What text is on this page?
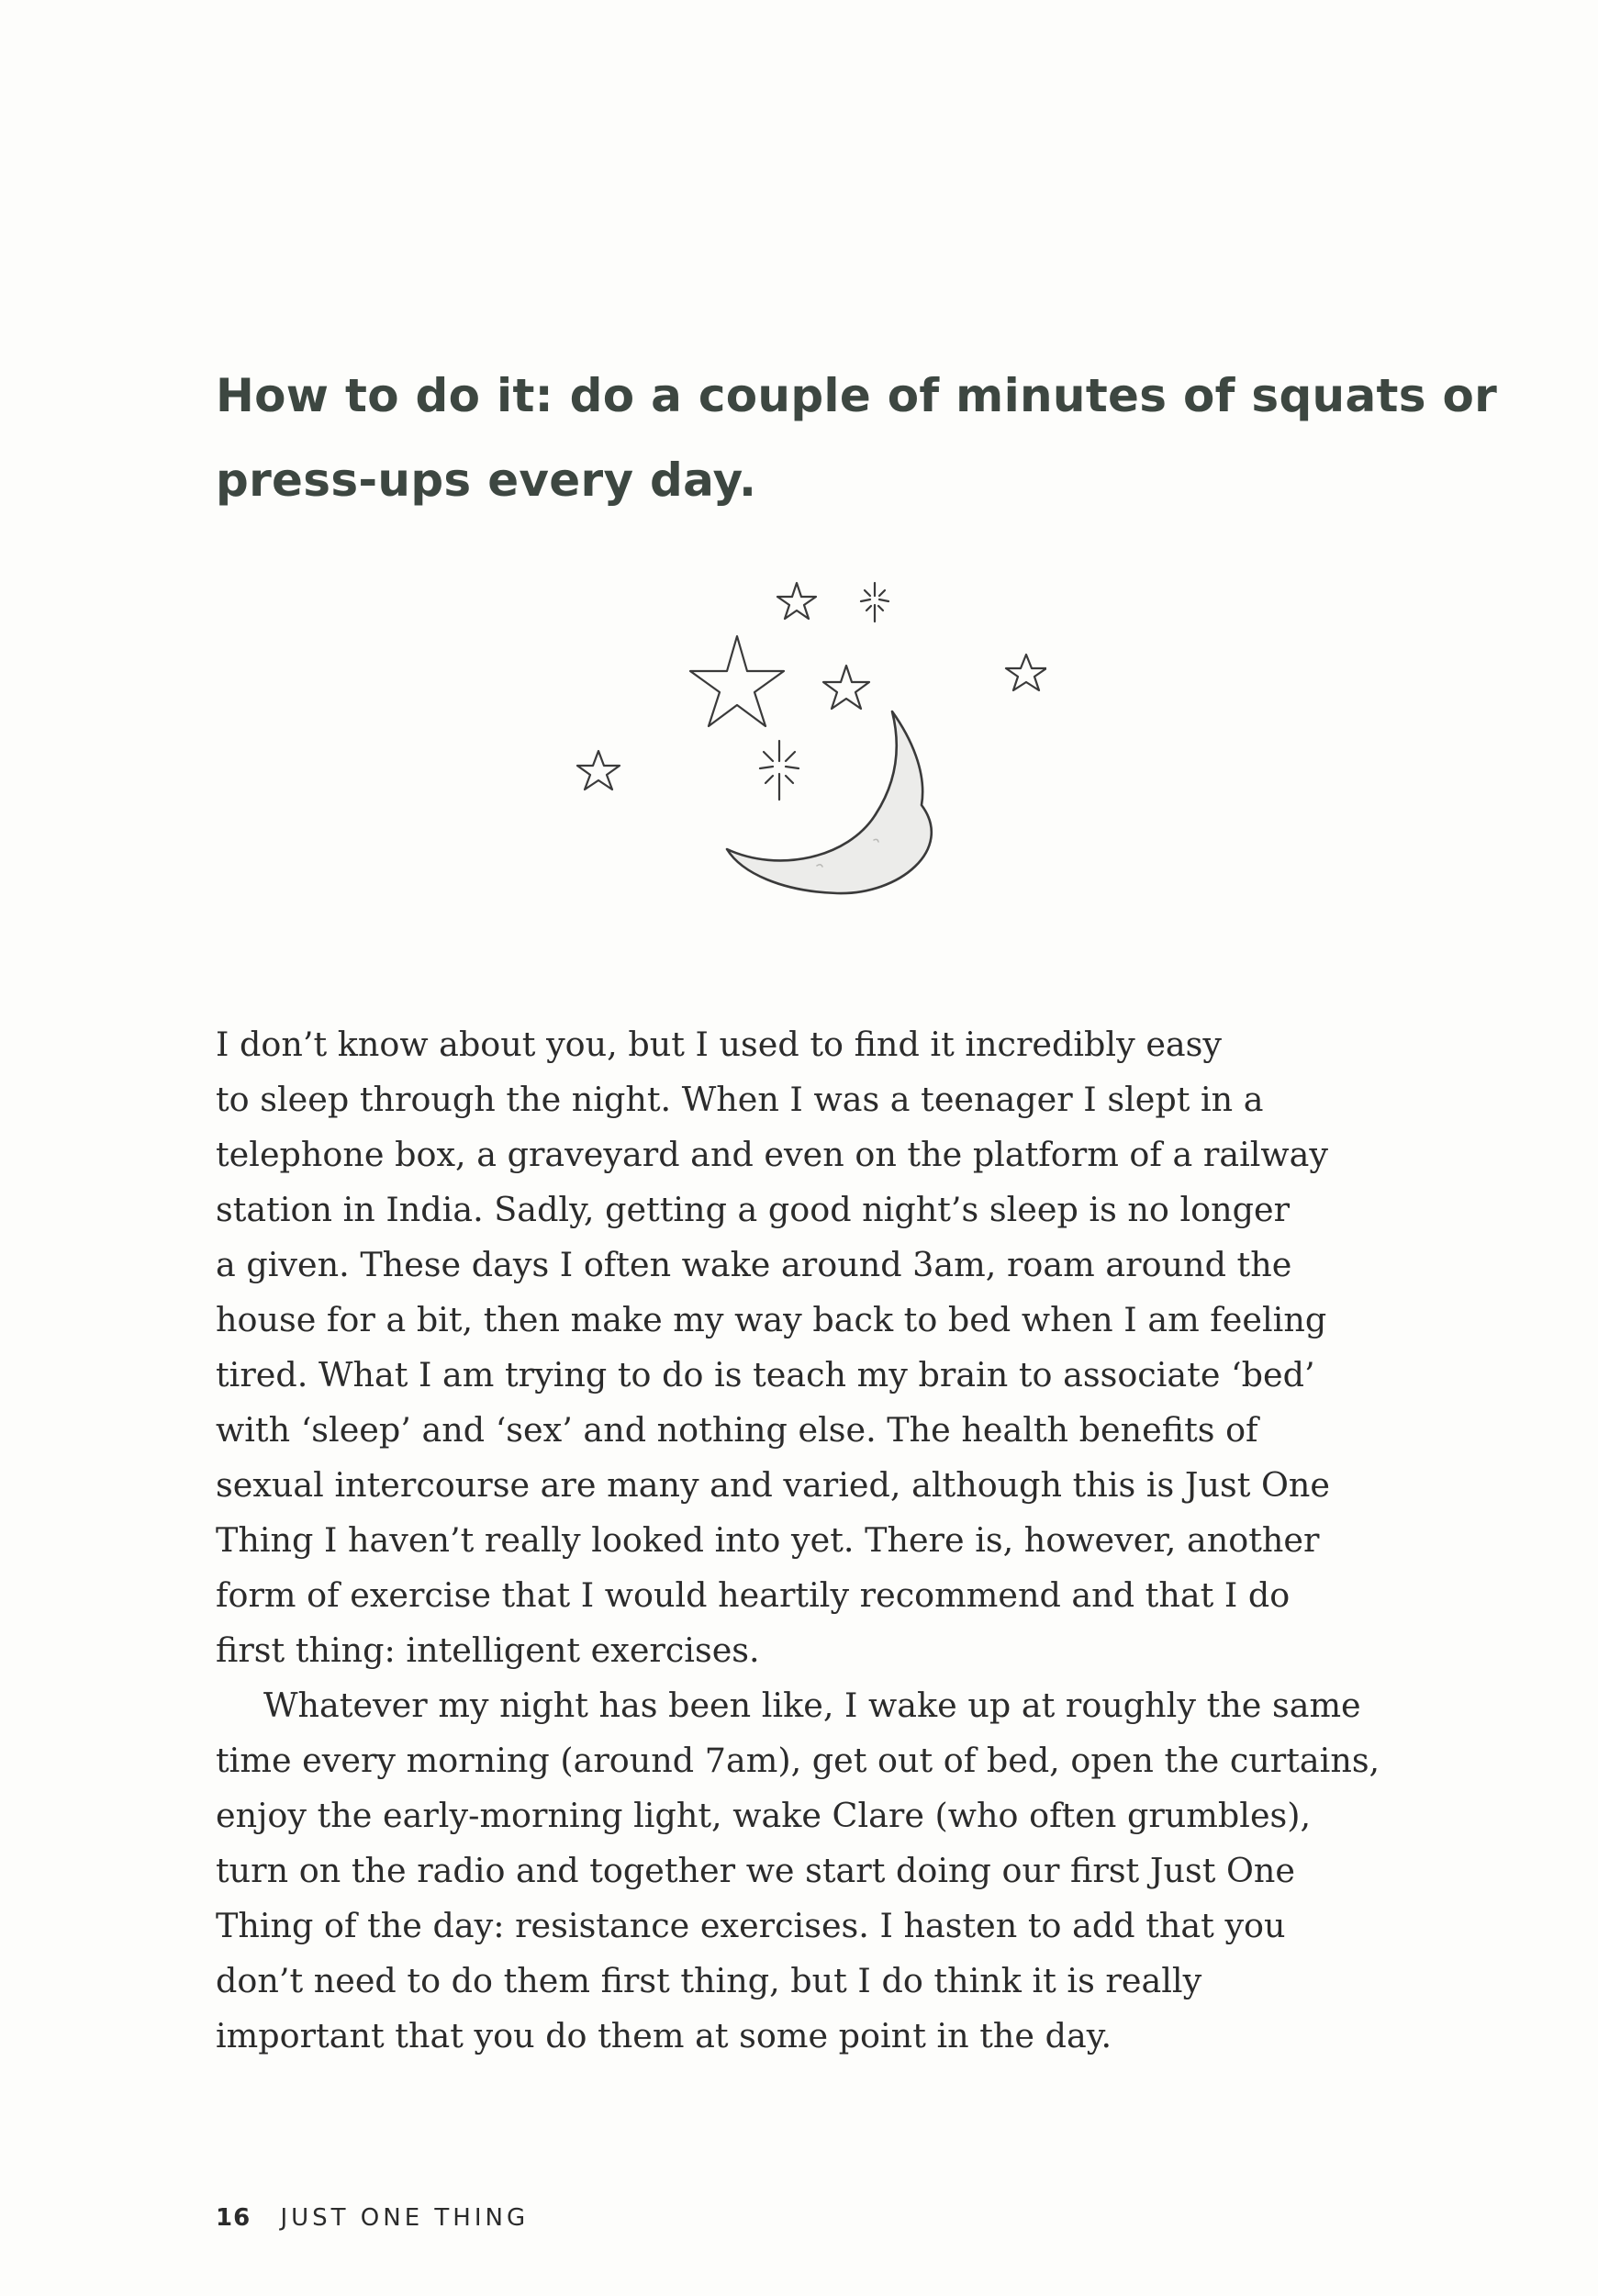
How to do it: do a couple of minutes of squats or
press-ups every day.

I don’t know about you, but I used to find it incredibly easy
to sleep through the night. When I was a teenager I slept in a
telephone box, a graveyard and even on the platform of a railway
station in India. Sadly, getting a good night’s sleep is no longer
a given. These days I often wake around 3am, roam around the
house for a bit, then make my way back to bed when I am feeling
tired. What I am trying to do is teach my brain to associate ‘bed’
with ‘sleep’ and ‘sex’ and nothing else. The health benefits of
sexual intercourse are many and varied, although this is Just One
Thing I haven’t really looked into yet. There is, however, another
form of exercise that I would heartily recommend and that I do
first thing: intelligent exercises.

Whatever my night has been like, I wake up at roughly the same
time every morning (around 7am), get out of bed, open the curtains,
enjoy the early-morning light, wake Clare (who often grumbles),
turn on the radio and together we start doing our first Just One
Thing of the day: resistance exercises. I hasten to add that you
don’t need to do them first thing, but I do think it is really
important that you do them at some point in the day.

16 JUST ONE THING
